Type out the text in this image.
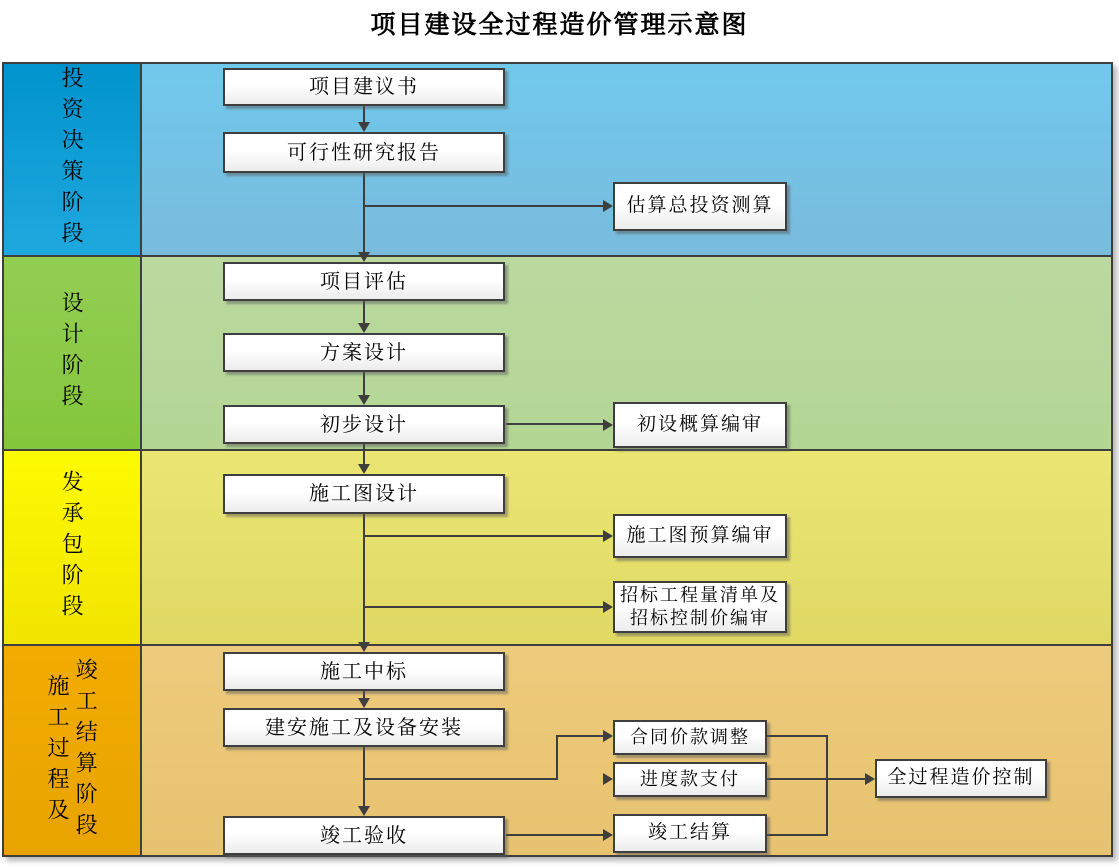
项目建设全过程造价管理示意图
投资决策阶段
设计阶段
发承包阶段
施工过程及 竣工结算阶段
项目建议书
可行性研究报告
估算总投资测算
项目评估
方案设计
初步设计	初设概算编审
施工图设计
施工图预算编审
招标工程量清单及
招标控制价编审
施工中标
建安施工及设备安装	合同价款调整
进度款支付
竣工验收	竣工结算
全过程造价控制
